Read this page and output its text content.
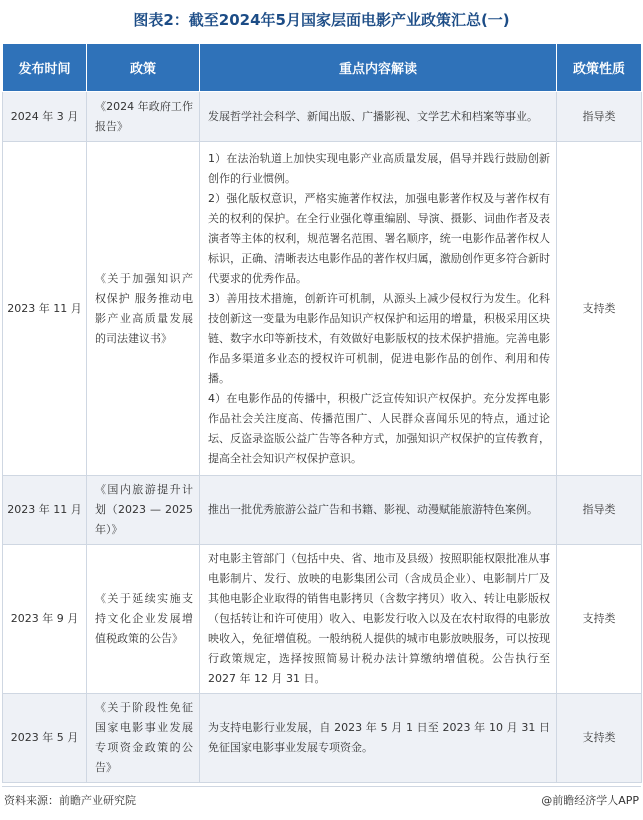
图表2：截至2024年5月国家层面电影产业政策汇总(一)
发布时间	政策	重点内容解读	政策性质
2024 年 3 月	《2024 年政府工作报告》	发展哲学社会科学、新闻出版、广播影视、文学艺术和档案等事业。	指导类
2023 年 11 月	《关于加强知识产权保护 服务推动电影产业高质量发展的司法建议书》	1）在法治轨道上加快实现电影产业高质量发展，倡导并践行鼓励创新创作的行业惯例。
2）强化版权意识，严格实施著作权法，加强电影著作权及与著作权有关的权利的保护。在全行业强化尊重编剧、导演、摄影、词曲作者及表演者等主体的权利，规范署名范围、署名顺序，统一电影作品著作权人标识，正确、清晰表达电影作品的著作权归属，激励创作更多符合新时代要求的优秀作品。
3）善用技术措施，创新许可机制，从源头上减少侵权行为发生。化科技创新这一变量为电影作品知识产权保护和运用的增量，积极采用区块链、数字水印等新技术，有效做好电影版权的技术保护措施。完善电影作品多渠道多业态的授权许可机制，促进电影作品的创作、利用和传播。
4）在电影作品的传播中，积极广泛宣传知识产权保护。充分发挥电影作品社会关注度高、传播范围广、人民群众喜闻乐见的特点，通过论坛、反盗录盗版公益广告等各种方式，加强知识产权保护的宣传教育，提高全社会知识产权保护意识。	支持类
2023 年 11 月	《国内旅游提升计划（2023 — 2025 年）》	推出一批优秀旅游公益广告和书籍、影视、动漫赋能旅游特色案例。	指导类
2023 年 9 月	《关于延续实施支持文化企业发展增值税政策的公告》	对电影主管部门（包括中央、省、地市及县级）按照职能权限批准从事电影制片、发行、放映的电影集团公司（含成员企业）、电影制片厂及其他电影企业取得的销售电影拷贝（含数字拷贝）收入、转让电影版权（包括转让和许可使用）收入、电影发行收入以及在农村取得的电影放映收入，免征增值税。一般纳税人提供的城市电影放映服务，可以按现行政策规定，选择按照简易计税办法计算缴纳增值税。公告执行至 2027 年 12 月 31 日。	支持类
2023 年 5 月	《关于阶段性免征国家电影事业发展专项资金政策的公告》	为支持电影行业发展，自 2023 年 5 月 1 日至 2023 年 10 月 31 日免征国家电影事业发展专项资金。	支持类
资料来源：前瞻产业研究院	@前瞻经济学人APP
